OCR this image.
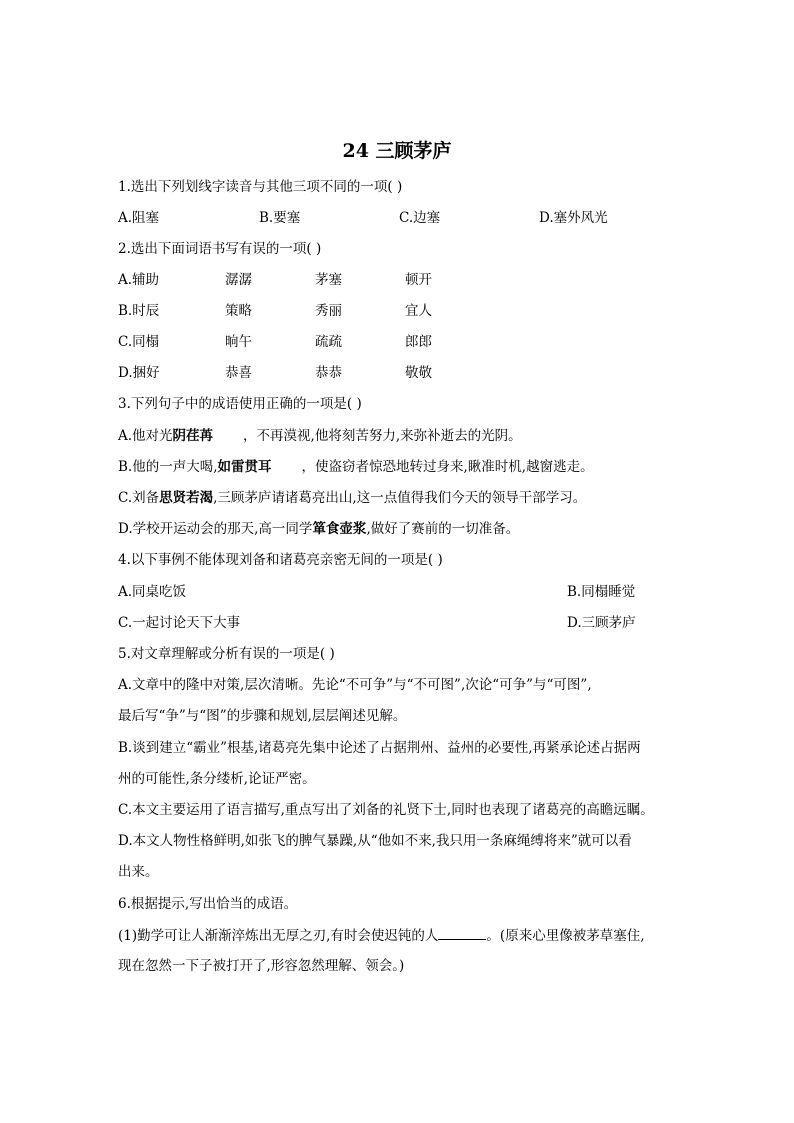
24 三顾茅庐
1.选出下列划线字读音与其他三项不同的一项( )
A.阻塞	B.要塞	C.边塞	D.塞外风光
2.选出下面词语书写有误的一项( )
A.辅助	潺潺	茅塞	顿开
B.时辰	策略	秀丽	宜人
C.同榻	晌午	疏疏	郎郎
D.捆好	恭喜	恭恭	敬敬
3.下列句子中的成语使用正确的一项是( )
A.他对光阴荏苒 ，不再漠视,他将刻苦努力,来弥补逝去的光阴。
B.他的一声大喝,如雷贯耳 ，使盗窃者惊恐地转过身来,瞅准时机,越窗逃走。
C.刘备思贤若渴,三顾茅庐请诸葛亮出山,这一点值得我们今天的领导干部学习。
D.学校开运动会的那天,高一同学箪食壶浆,做好了赛前的一切准备。
4.以下事例不能体现刘备和诸葛亮亲密无间的一项是( )
A.同桌吃饭	B.同榻睡觉
C.一起讨论天下大事	D.三顾茅庐
5.对文章理解或分析有误的一项是( )
A.文章中的隆中对策,层次清晰。先论“不可争”与“不可图”,次论“可争”与“可图”,
最后写“争”与“图”的步骤和规划,层层阐述见解。
B.谈到建立“霸业”根基,诸葛亮先集中论述了占据荆州、益州的必要性,再紧承论述占据两
州的可能性,条分缕析,论证严密。
C.本文主要运用了语言描写,重点写出了刘备的礼贤下士,同时也表现了诸葛亮的高瞻远瞩。
D.本文人物性格鲜明,如张飞的脾气暴躁,从“他如不来,我只用一条麻绳缚将来”就可以看
出来。
6.根据提示,写出恰当的成语。
(1)勤学可让人渐渐淬炼出无厚之刃,有时会使迟钝的人	。(原来心里像被茅草塞住,
现在忽然一下子被打开了,形容忽然理解、领会。)
